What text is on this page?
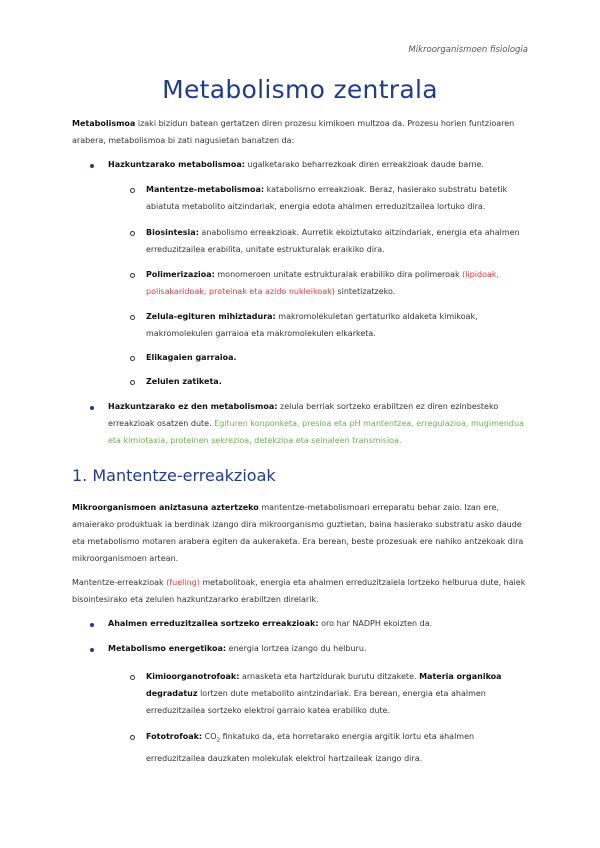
Mikroorganismoen fisiologia
Metabolismo zentrala
Metabolismoa izaki bizidun batean gertatzen diren prozesu kimikoen multzoa da. Prozesu horien funtzioaren arabera, metabolismoa bi zati nagusietan banatzen da:
Hazkuntzarako metabolismoa: ugalketarako beharrezkoak diren erreakzioak daude barne.
Mantentze-metabolismoa: katabolismo erreakzioak. Beraz, hasierako substratu batetik abiatuta metabolito aitzindariak, energia edota ahalmen erreduzitzailea lortuko dira.
Biosintesia: anabolismo erreakzioak. Aurretik ekoiztutako aitzindariak, energia eta ahalmen erreduzitzailea erabilita, unitate estrukturalak eraikiko dira.
Polimerizazioa: monomeroen unitate estrukturalak erabiliko dira polimeroak (lipidoak, polisakaridoak, proteinak eta azido nukleikoak) sintetizatzeko.
Zelula-egituren mihiztadura: makromolekuletan gertaturiko aldaketa kimikoak, makromolekulen garraioa eta makromolekulen elkarketa.
Elikagaien garraioa.
Zelulen zatiketa.
Hazkuntzarako ez den metabolismoa: zelula berriak sortzeko erabiltzen ez diren ezinbesteko erreakzioak osatzen dute. Egituren konponketa, presioa eta pH mantentzea, erregulazioa, mugimendua eta kimiotaxia, proteinen sekrezioa, detekzioa eta seinaleen transmisioa.
1. Mantentze-erreakzioak
Mikroorganismoen aniztasuna aztertzeko mantentze-metabolismoari erreparatu behar zaio. Izan ere, amaierako produktuak ia berdinak izango dira mikroorganismo guztietan, baina hasierako substratu asko daude eta metabolismo motaren arabera egiten da aukeraketa. Era berean, beste prozesuak ere nahiko antzekoak dira mikroorganismoen artean.
Mantentze-erreakzioak (fueling) metabolitoak, energia eta ahalmen erreduzitzaiela lortzeko helburua dute, haiek bisointesirako eta zelulen hazkuntzararko erabiltzen direlarik.
Ahalmen erreduzitzailea sortzeko erreakzioak: oro har NADPH ekoizten da.
Metabolismo energetikoa: energia lortzea izango du helburu.
Kimioorganotrofoak: arnasketa eta hartzidurak burutu ditzakete. Materia organikoa degradatuz lortzen dute metabolito aintzindariak. Era berean, energia eta ahalmen erreduzitzailea sortzeko elektroi garraio katea erabiliko dute.
Fototrofoak: $CO_2$ finkatuko da, eta horretarako energia argitik lortu eta ahalmen erreduzitzailea dauzkaten molekulak elektroi hartzaileak izango dira.
